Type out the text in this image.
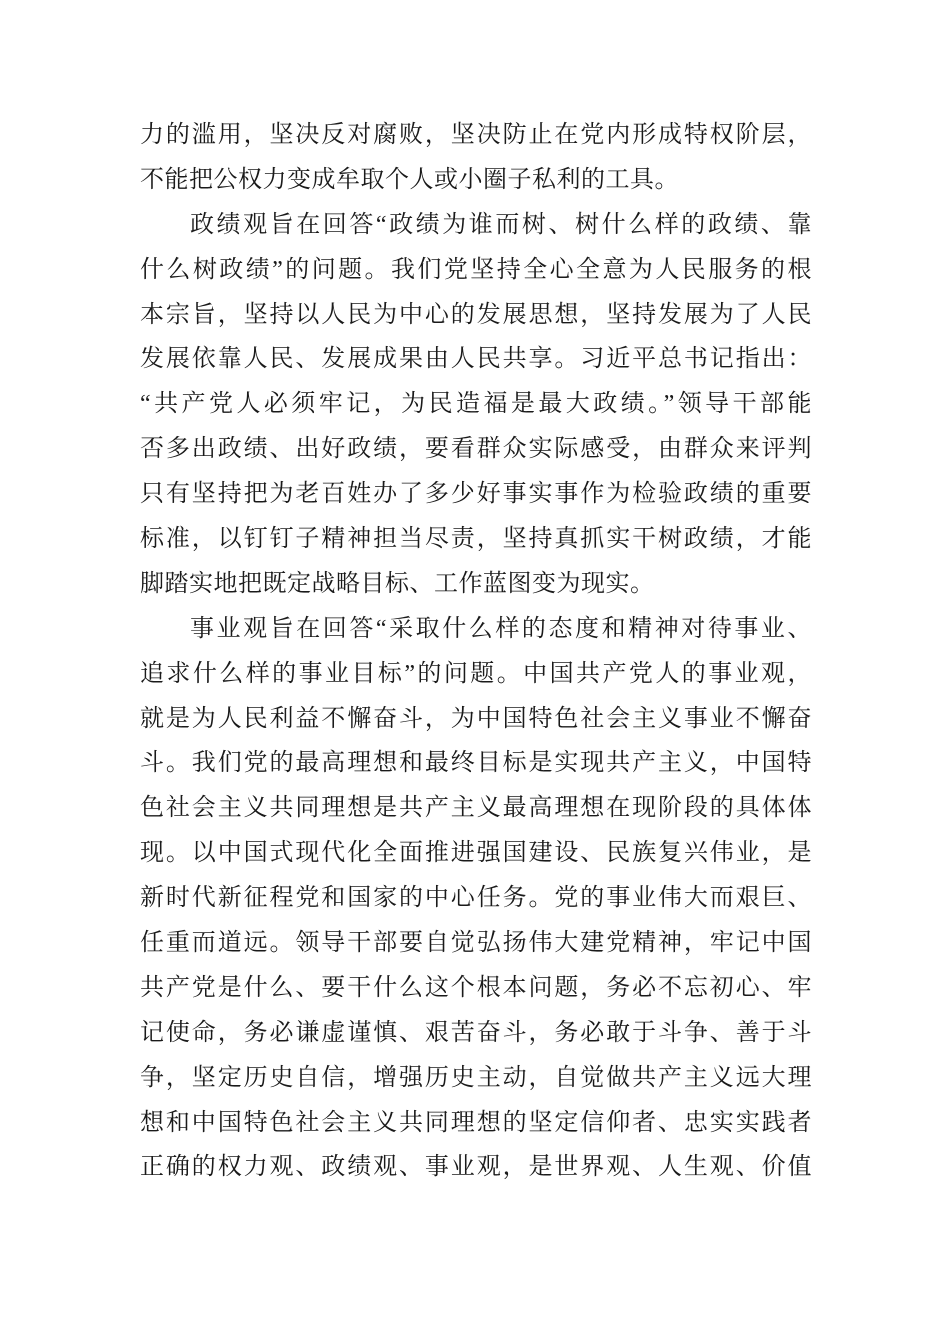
力的滥用，坚决反对腐败，坚决防止在党内形成特权阶层，
不能把公权力变成牟取个人或小圈子私利的工具。
政绩观旨在回答“政绩为谁而树、树什么样的政绩、靠
什么树政绩”的问题。我们党坚持全心全意为人民服务的根
本宗旨，坚持以人民为中心的发展思想，坚持发展为了人民
发展依靠人民、发展成果由人民共享。习近平总书记指出：
“共产党人必须牢记，为民造福是最大政绩。”领导干部能
否多出政绩、出好政绩，要看群众实际感受，由群众来评判
只有坚持把为老百姓办了多少好事实事作为检验政绩的重要
标准，以钉钉子精神担当尽责，坚持真抓实干树政绩，才能
脚踏实地把既定战略目标、工作蓝图变为现实。
事业观旨在回答“采取什么样的态度和精神对待事业、
追求什么样的事业目标”的问题。中国共产党人的事业观，
就是为人民利益不懈奋斗，为中国特色社会主义事业不懈奋
斗。我们党的最高理想和最终目标是实现共产主义，中国特
色社会主义共同理想是共产主义最高理想在现阶段的具体体
现。以中国式现代化全面推进强国建设、民族复兴伟业，是
新时代新征程党和国家的中心任务。党的事业伟大而艰巨、
任重而道远。领导干部要自觉弘扬伟大建党精神，牢记中国
共产党是什么、要干什么这个根本问题，务必不忘初心、牢
记使命，务必谦虚谨慎、艰苦奋斗，务必敢于斗争、善于斗
争，坚定历史自信，增强历史主动，自觉做共产主义远大理
想和中国特色社会主义共同理想的坚定信仰者、忠实实践者
正确的权力观、政绩观、事业观，是世界观、人生观、价值
